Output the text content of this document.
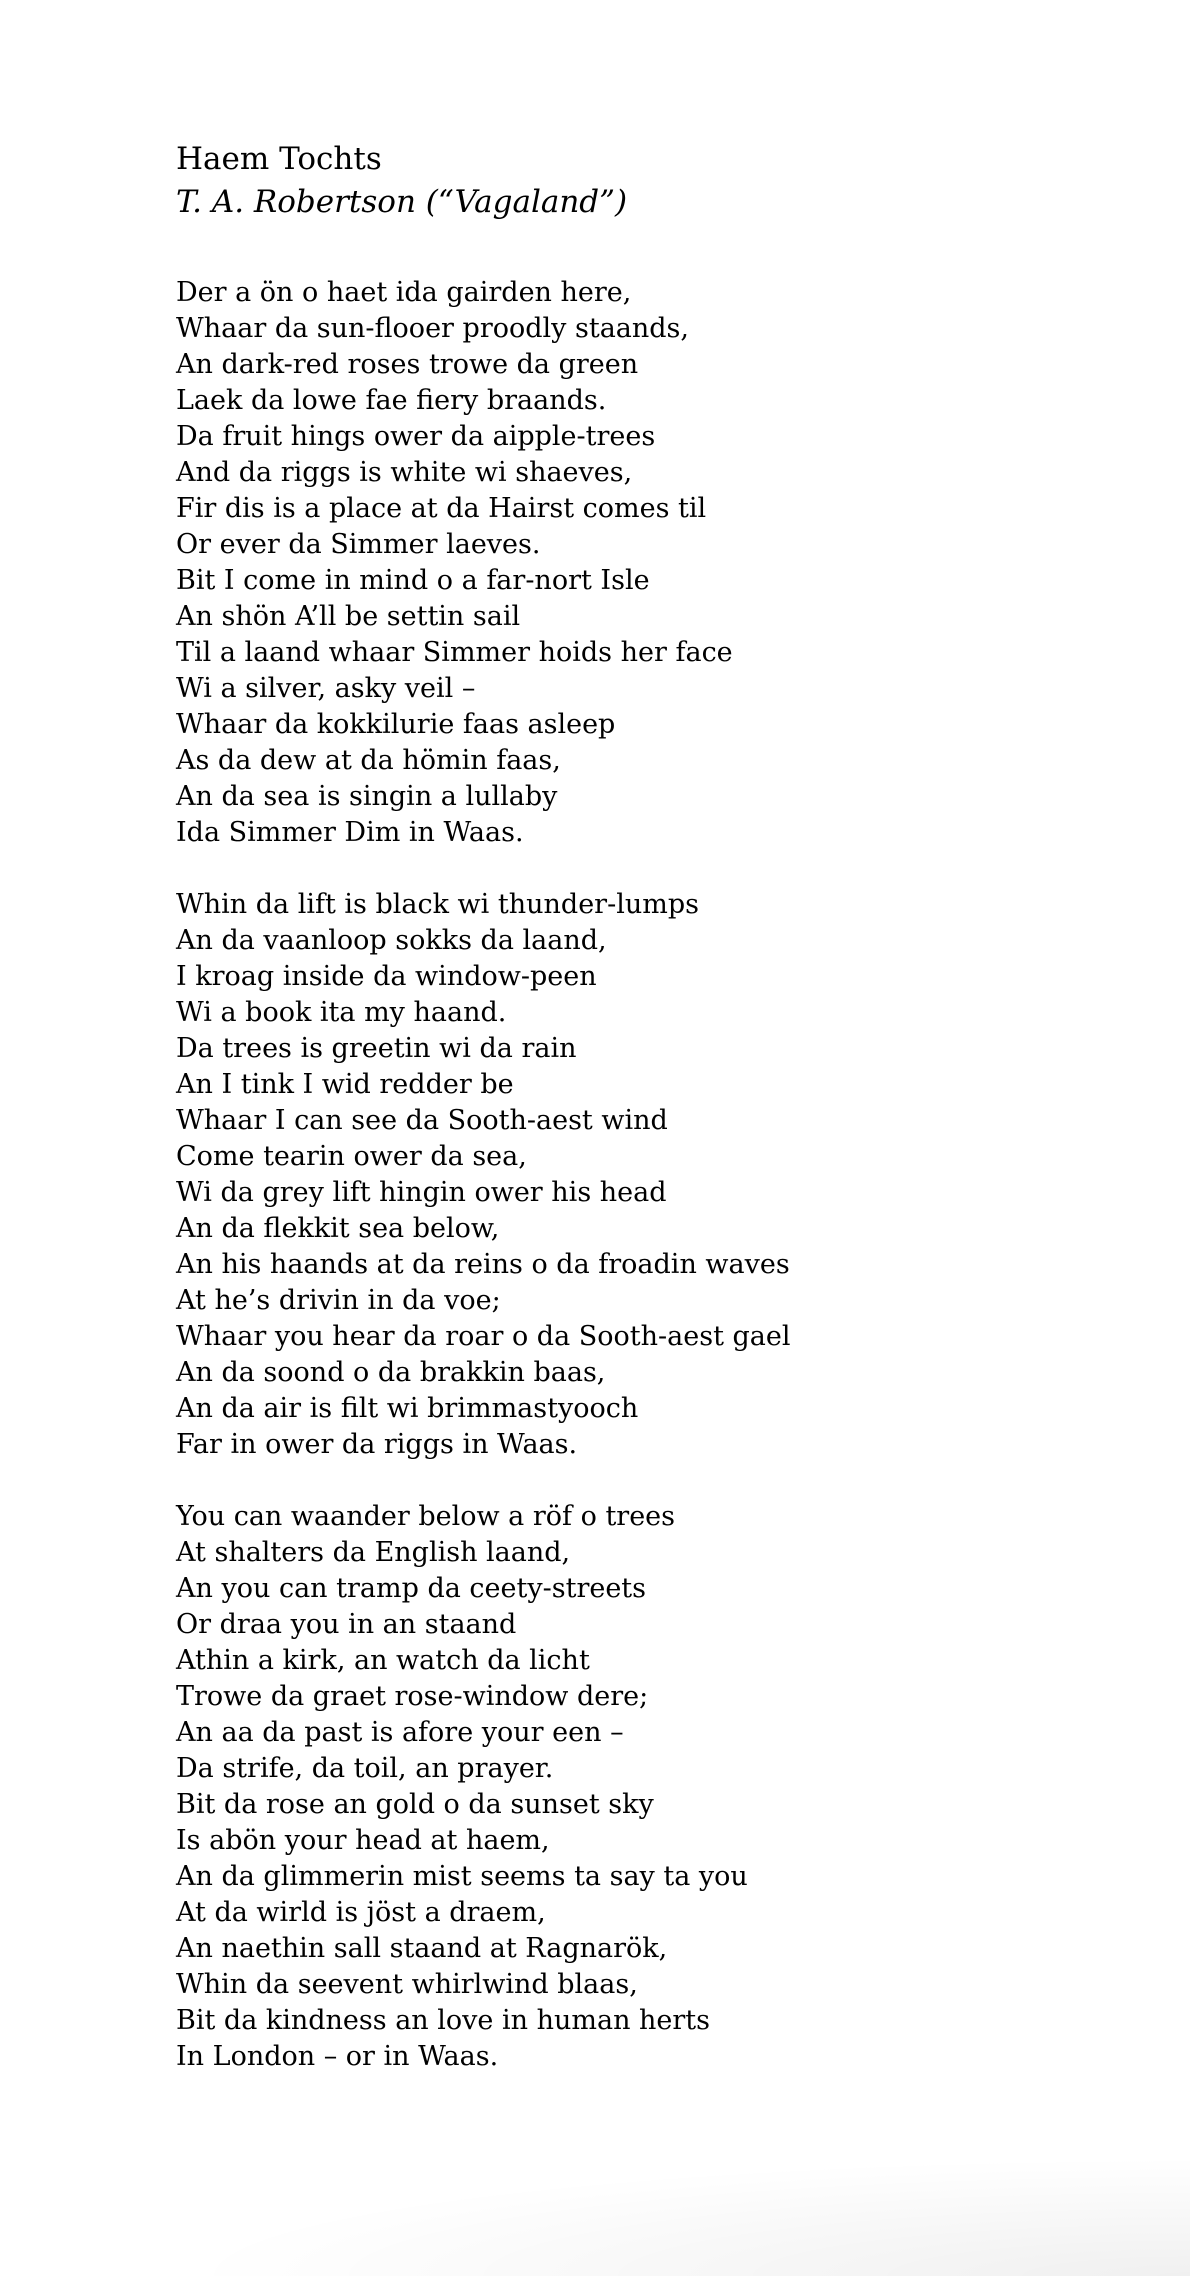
Haem Tochts
T. A. Robertson (“Vagaland”)
Der a ön o haet ida gairden here,
Whaar da sun-flooer proodly staands,
An dark-red roses trowe da green
Laek da lowe fae fiery braands.
Da fruit hings ower da aipple-trees
And da riggs is white wi shaeves,
Fir dis is a place at da Hairst comes til
Or ever da Simmer laeves.
Bit I come in mind o a far-nort Isle
An shön A’ll be settin sail
Til a laand whaar Simmer hoids her face
Wi a silver, asky veil –
Whaar da kokkilurie faas asleep
As da dew at da hömin faas,
An da sea is singin a lullaby
Ida Simmer Dim in Waas.
Whin da lift is black wi thunder-lumps
An da vaanloop sokks da laand,
I kroag inside da window-peen
Wi a book ita my haand.
Da trees is greetin wi da rain
An I tink I wid redder be
Whaar I can see da Sooth-aest wind
Come tearin ower da sea,
Wi da grey lift hingin ower his head
An da flekkit sea below,
An his haands at da reins o da froadin waves
At he’s drivin in da voe;
Whaar you hear da roar o da Sooth-aest gael
An da soond o da brakkin baas,
An da air is filt wi brimmastyooch
Far in ower da riggs in Waas.
You can waander below a röf o trees
At shalters da English laand,
An you can tramp da ceety-streets
Or draa you in an staand
Athin a kirk, an watch da licht
Trowe da graet rose-window dere;
An aa da past is afore your een –
Da strife, da toil, an prayer.
Bit da rose an gold o da sunset sky
Is abön your head at haem,
An da glimmerin mist seems ta say ta you
At da wirld is jöst a draem,
An naethin sall staand at Ragnarök,
Whin da seevent whirlwind blaas,
Bit da kindness an love in human herts
In London – or in Waas.
